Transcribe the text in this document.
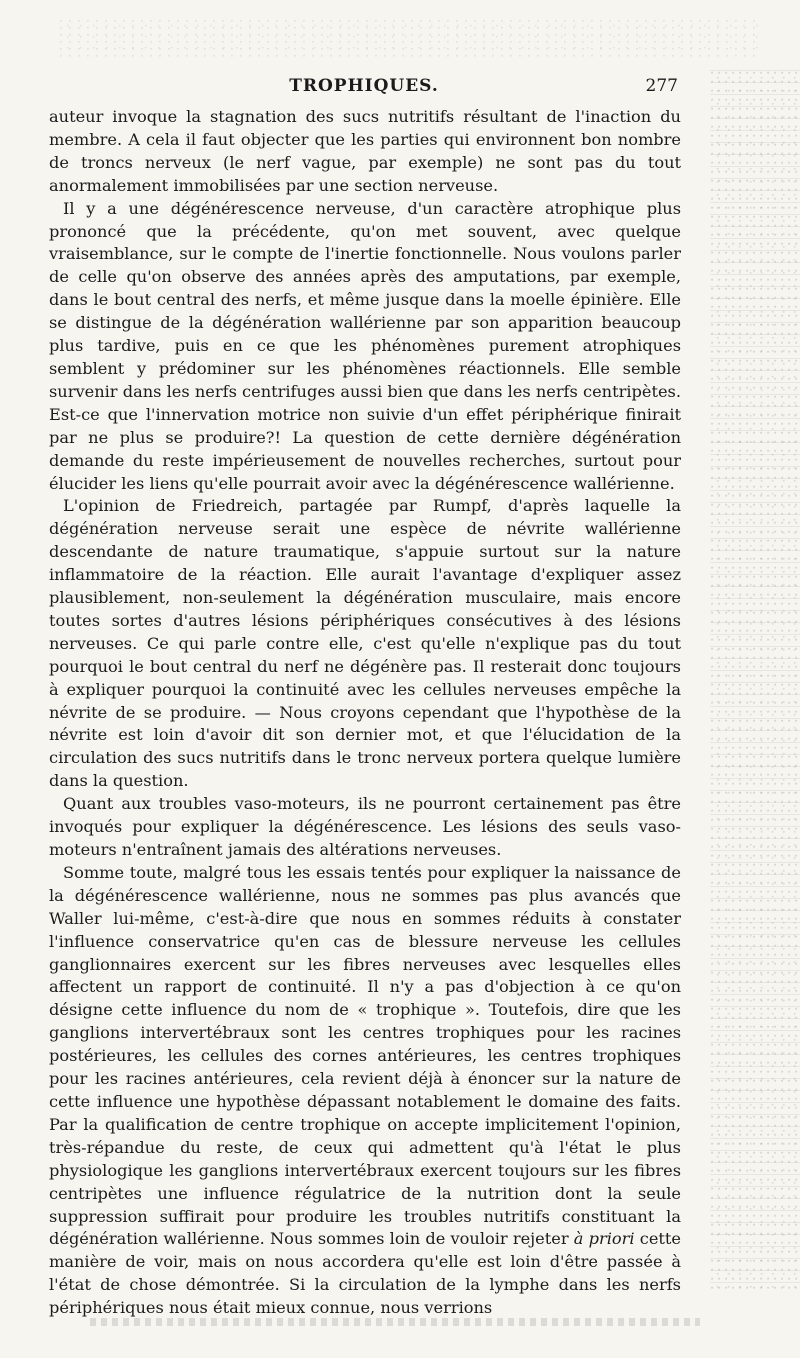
TROPHIQUES.	277

auteur invoque la stagnation des sucs nutritifs résultant de l'inaction du membre. A cela il faut objecter que les parties qui environnent bon nombre de troncs nerveux (le nerf vague, par exemple) ne sont pas du tout anormalement immobilisées par une section nerveuse.

Il y a une dégénérescence nerveuse, d'un caractère atrophique plus prononcé que la précédente, qu'on met souvent, avec quelque vraisemblance, sur le compte de l'inertie fonctionnelle. Nous voulons parler de celle qu'on observe des années après des amputations, par exemple, dans le bout central des nerfs, et même jusque dans la moelle épinière. Elle se distingue de la dégénération wallérienne par son apparition beaucoup plus tardive, puis en ce que les phénomènes purement atrophiques semblent y prédominer sur les phénomènes réactionnels. Elle semble survenir dans les nerfs centrifuges aussi bien que dans les nerfs centripètes. Est-ce que l'innervation motrice non suivie d'un effet périphérique finirait par ne plus se produire?! La question de cette dernière dégénération demande du reste impérieusement de nouvelles recherches, surtout pour élucider les liens qu'elle pourrait avoir avec la dégénérescence wallérienne.

L'opinion de Friedreich, partagée par Rumpf, d'après laquelle la dégénération nerveuse serait une espèce de névrite wallérienne descendante de nature traumatique, s'appuie surtout sur la nature inflammatoire de la réaction. Elle aurait l'avantage d'expliquer assez plausiblement, non-seulement la dégénération musculaire, mais encore toutes sortes d'autres lésions périphériques consécutives à des lésions nerveuses. Ce qui parle contre elle, c'est qu'elle n'explique pas du tout pourquoi le bout central du nerf ne dégénère pas. Il resterait donc toujours à expliquer pourquoi la continuité avec les cellules nerveuses empêche la névrite de se produire. — Nous croyons cependant que l'hypothèse de la névrite est loin d'avoir dit son dernier mot, et que l'élucidation de la circulation des sucs nutritifs dans le tronc nerveux portera quelque lumière dans la question.

Quant aux troubles vaso-moteurs, ils ne pourront certainement pas être invoqués pour expliquer la dégénérescence. Les lésions des seuls vaso-moteurs n'entraînent jamais des altérations nerveuses.

Somme toute, malgré tous les essais tentés pour expliquer la naissance de la dégénérescence wallérienne, nous ne sommes pas plus avancés que Waller lui-même, c'est-à-dire que nous en sommes réduits à constater l'influence conservatrice qu'en cas de blessure nerveuse les cellules ganglionnaires exercent sur les fibres nerveuses avec lesquelles elles affectent un rapport de continuité. Il n'y a pas d'objection à ce qu'on désigne cette influence du nom de « trophique ». Toutefois, dire que les ganglions intervertébraux sont les centres trophiques pour les racines postérieures, les cellules des cornes antérieures, les centres trophiques pour les racines antérieures, cela revient déjà à énoncer sur la nature de cette influence une hypothèse dépassant notablement le domaine des faits. Par la qualification de centre trophique on accepte implicitement l'opinion, très-répandue du reste, de ceux qui admettent qu'à l'état le plus physiologique les ganglions intervertébraux exercent toujours sur les fibres centripètes une influence régulatrice de la nutrition dont la seule suppression suffirait pour produire les troubles nutritifs constituant la dégénération wallérienne. Nous sommes loin de vouloir rejeter à priori cette manière de voir, mais on nous accordera qu'elle est loin d'être passée à l'état de chose démontrée. Si la circulation de la lymphe dans les nerfs périphériques nous était mieux connue, nous verrions
